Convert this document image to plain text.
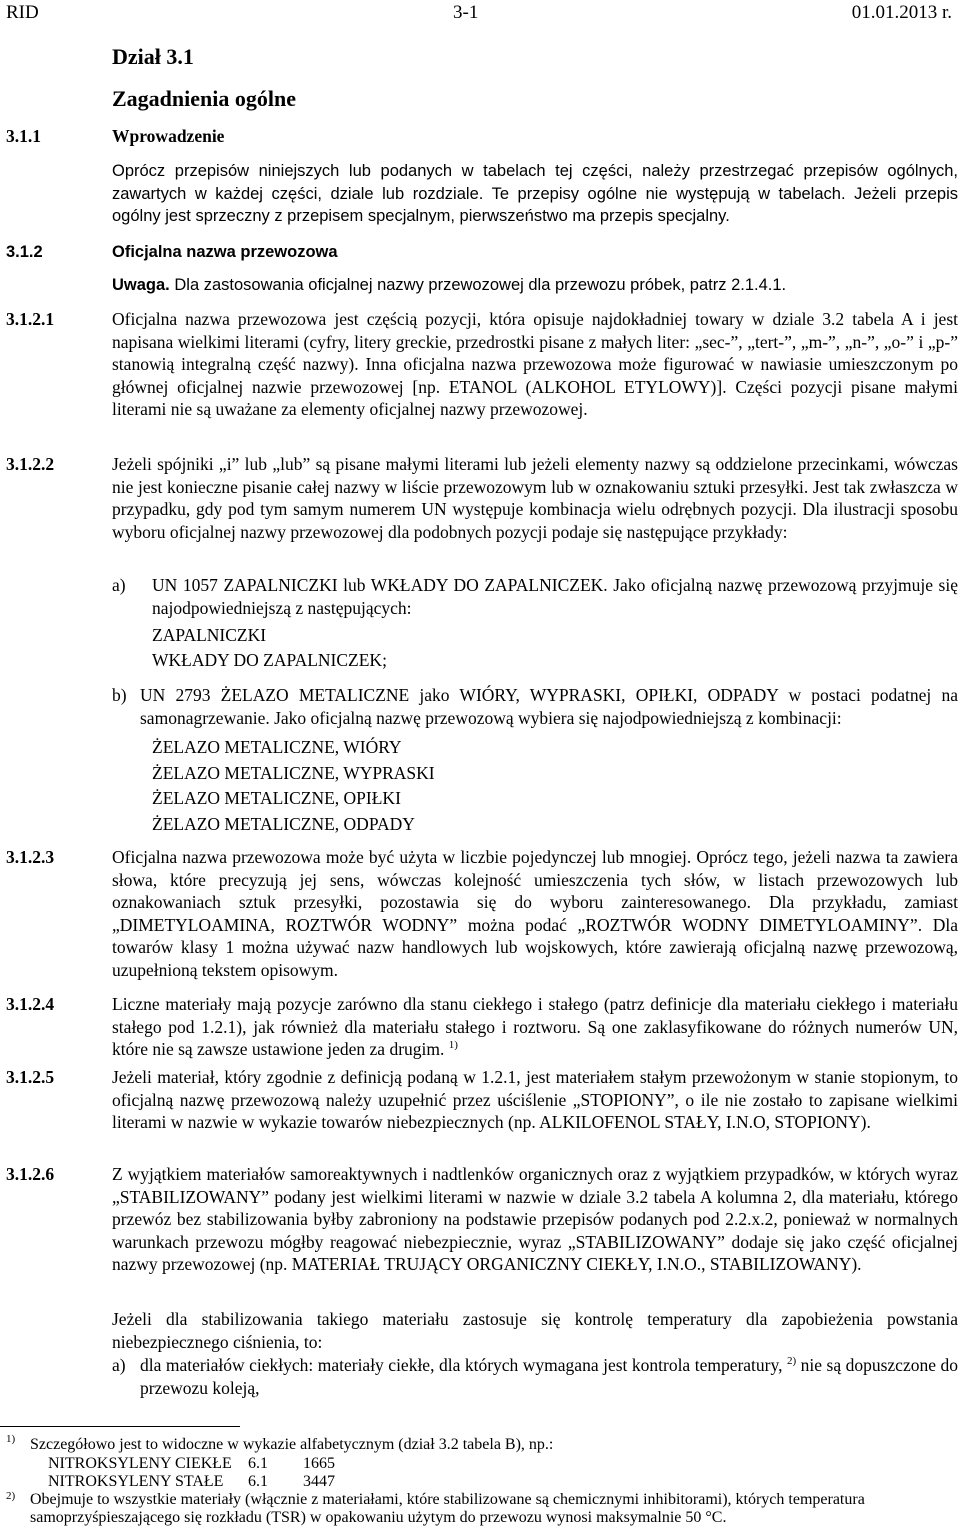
RID	3-1	01.01.2013 r.
Dział 3.1
Zagadnienia ogólne
3.1.1	Wprowadzenie
Oprócz przepisów niniejszych lub podanych w tabelach tej części, należy przestrzegać przepisów ogólnych,
zawartych w każdej części, dziale lub rozdziale. Te przepisy ogólne nie występują w tabelach. Jeżeli przepis
ogólny jest sprzeczny z przepisem specjalnym, pierwszeństwo ma przepis specjalny.
3.1.2	Oficjalna nazwa przewozowa
Uwaga. Dla zastosowania oficjalnej nazwy przewozowej dla przewozu próbek, patrz 2.1.4.1.
3.1.2.1	Oficjalna nazwa przewozowa jest częścią pozycji, która opisuje najdokładniej towary w dziale 3.2 tabela A i jest napisana wielkimi literami (cyfry, litery greckie, przedrostki pisane z małych liter: „sec-”, „tert-”, „m-”, „n-”, „o-” i „p-” stanowią integralną część nazwy). Inna oficjalna nazwa przewozowa może figurować w nawiasie umieszczonym po głównej oficjalnej nazwie przewozowej [np. ETANOL (ALKOHOL ETYLOWY)]. Części pozycji pisane małymi literami nie są uważane za elementy oficjalnej nazwy przewozowej.
3.1.2.2	Jeżeli spójniki „i” lub „lub” są pisane małymi literami lub jeżeli elementy nazwy są oddzielone przecinkami, wówczas nie jest konieczne pisanie całej nazwy w liście przewozowym lub w oznakowaniu sztuki przesyłki. Jest tak zwłaszcza w przypadku, gdy pod tym samym numerem UN występuje kombinacja wielu odrębnych pozycji. Dla ilustracji sposobu wyboru oficjalnej nazwy przewozowej dla podobnych pozycji podaje się następujące przykłady:
a) UN 1057 ZAPALNICZKI lub WKŁADY DO ZAPALNICZEK. Jako oficjalną nazwę przewozową przyjmuje się najodpowiedniejszą z następujących:
ZAPALNICZKI
WKŁADY DO ZAPALNICZEK;
b) UN 2793 ŻELAZO METALICZNE jako WIÓRY, WYPRASKI, OPIŁKI, ODPADY w postaci podatnej na samonagrzewanie. Jako oficjalną nazwę przewozową wybiera się najodpowiedniejszą z kombinacji:
ŻELAZO METALICZNE, WIÓRY
ŻELAZO METALICZNE, WYPRASKI
ŻELAZO METALICZNE, OPIŁKI
ŻELAZO METALICZNE, ODPADY
3.1.2.3	Oficjalna nazwa przewozowa może być użyta w liczbie pojedynczej lub mnogiej. Oprócz tego, jeżeli nazwa ta zawiera słowa, które precyzują jej sens, wówczas kolejność umieszczenia tych słów, w listach przewozowych lub oznakowaniach sztuk przesyłki, pozostawia się do wyboru zainteresowanego. Dla przykładu, zamiast „DIMETYLOAMINA, ROZTWÓR WODNY” można podać „ROZTWÓR WODNY DIMETYLOAMINY”. Dla towarów klasy 1 można używać nazw handlowych lub wojskowych, które zawierają oficjalną nazwę przewozową, uzupełnioną tekstem opisowym.
3.1.2.4	Liczne materiały mają pozycje zarówno dla stanu ciekłego i stałego (patrz definicje dla materiału ciekłego i materiału stałego pod 1.2.1), jak również dla materiału stałego i roztworu. Są one zaklasyfikowane do różnych numerów UN, które nie są zawsze ustawione jeden za drugim. $^{1)}$
3.1.2.5	Jeżeli materiał, który zgodnie z definicją podaną w 1.2.1, jest materiałem stałym przewożonym w stanie stopionym, to oficjalną nazwę przewozową należy uzupełnić przez uściślenie „STOPIONY”, o ile nie zostało to zapisane wielkimi literami w nazwie w wykazie towarów niebezpiecznych (np. ALKILOFENOL STAŁY, I.N.O, STOPIONY).
3.1.2.6	Z wyjątkiem materiałów samoreaktywnych i nadtlenków organicznych oraz z wyjątkiem przypadków, w których wyraz „STABILIZOWANY” podany jest wielkimi literami w nazwie w dziale 3.2 tabela A kolumna 2, dla materiału, którego przewóz bez stabilizowania byłby zabroniony na podstawie przepisów podanych pod 2.2.x.2, ponieważ w normalnych warunkach przewozu mógłby reagować niebezpiecznie, wyraz „STABILIZOWANY” dodaje się jako część oficjalnej nazwy przewozowej (np. MATERIAŁ TRUJĄCY ORGANICZNY CIEKŁY, I.N.O., STABILIZOWANY).
Jeżeli dla stabilizowania takiego materiału zastosuje się kontrolę temperatury dla zapobieżenia powstania niebezpiecznego ciśnienia, to:
a) dla materiałów ciekłych: materiały ciekłe, dla których wymagana jest kontrola temperatury, $^{2)}$ nie są dopuszczone do przewozu koleją,
1) Szczegółowo jest to widoczne w wykazie alfabetycznym (dział 3.2 tabela B), np.:
NITROKSYLENY CIEKŁE	6.1	1665
NITROKSYLENY STAŁE	6.1	3447
2) Obejmuje to wszystkie materiały (włącznie z materiałami, które stabilizowane są chemicznymi inhibitorami), których temperatura
samoprzyśpieszającego się rozkładu (TSR) w opakowaniu użytym do przewozu wynosi maksymalnie 50 °C.
